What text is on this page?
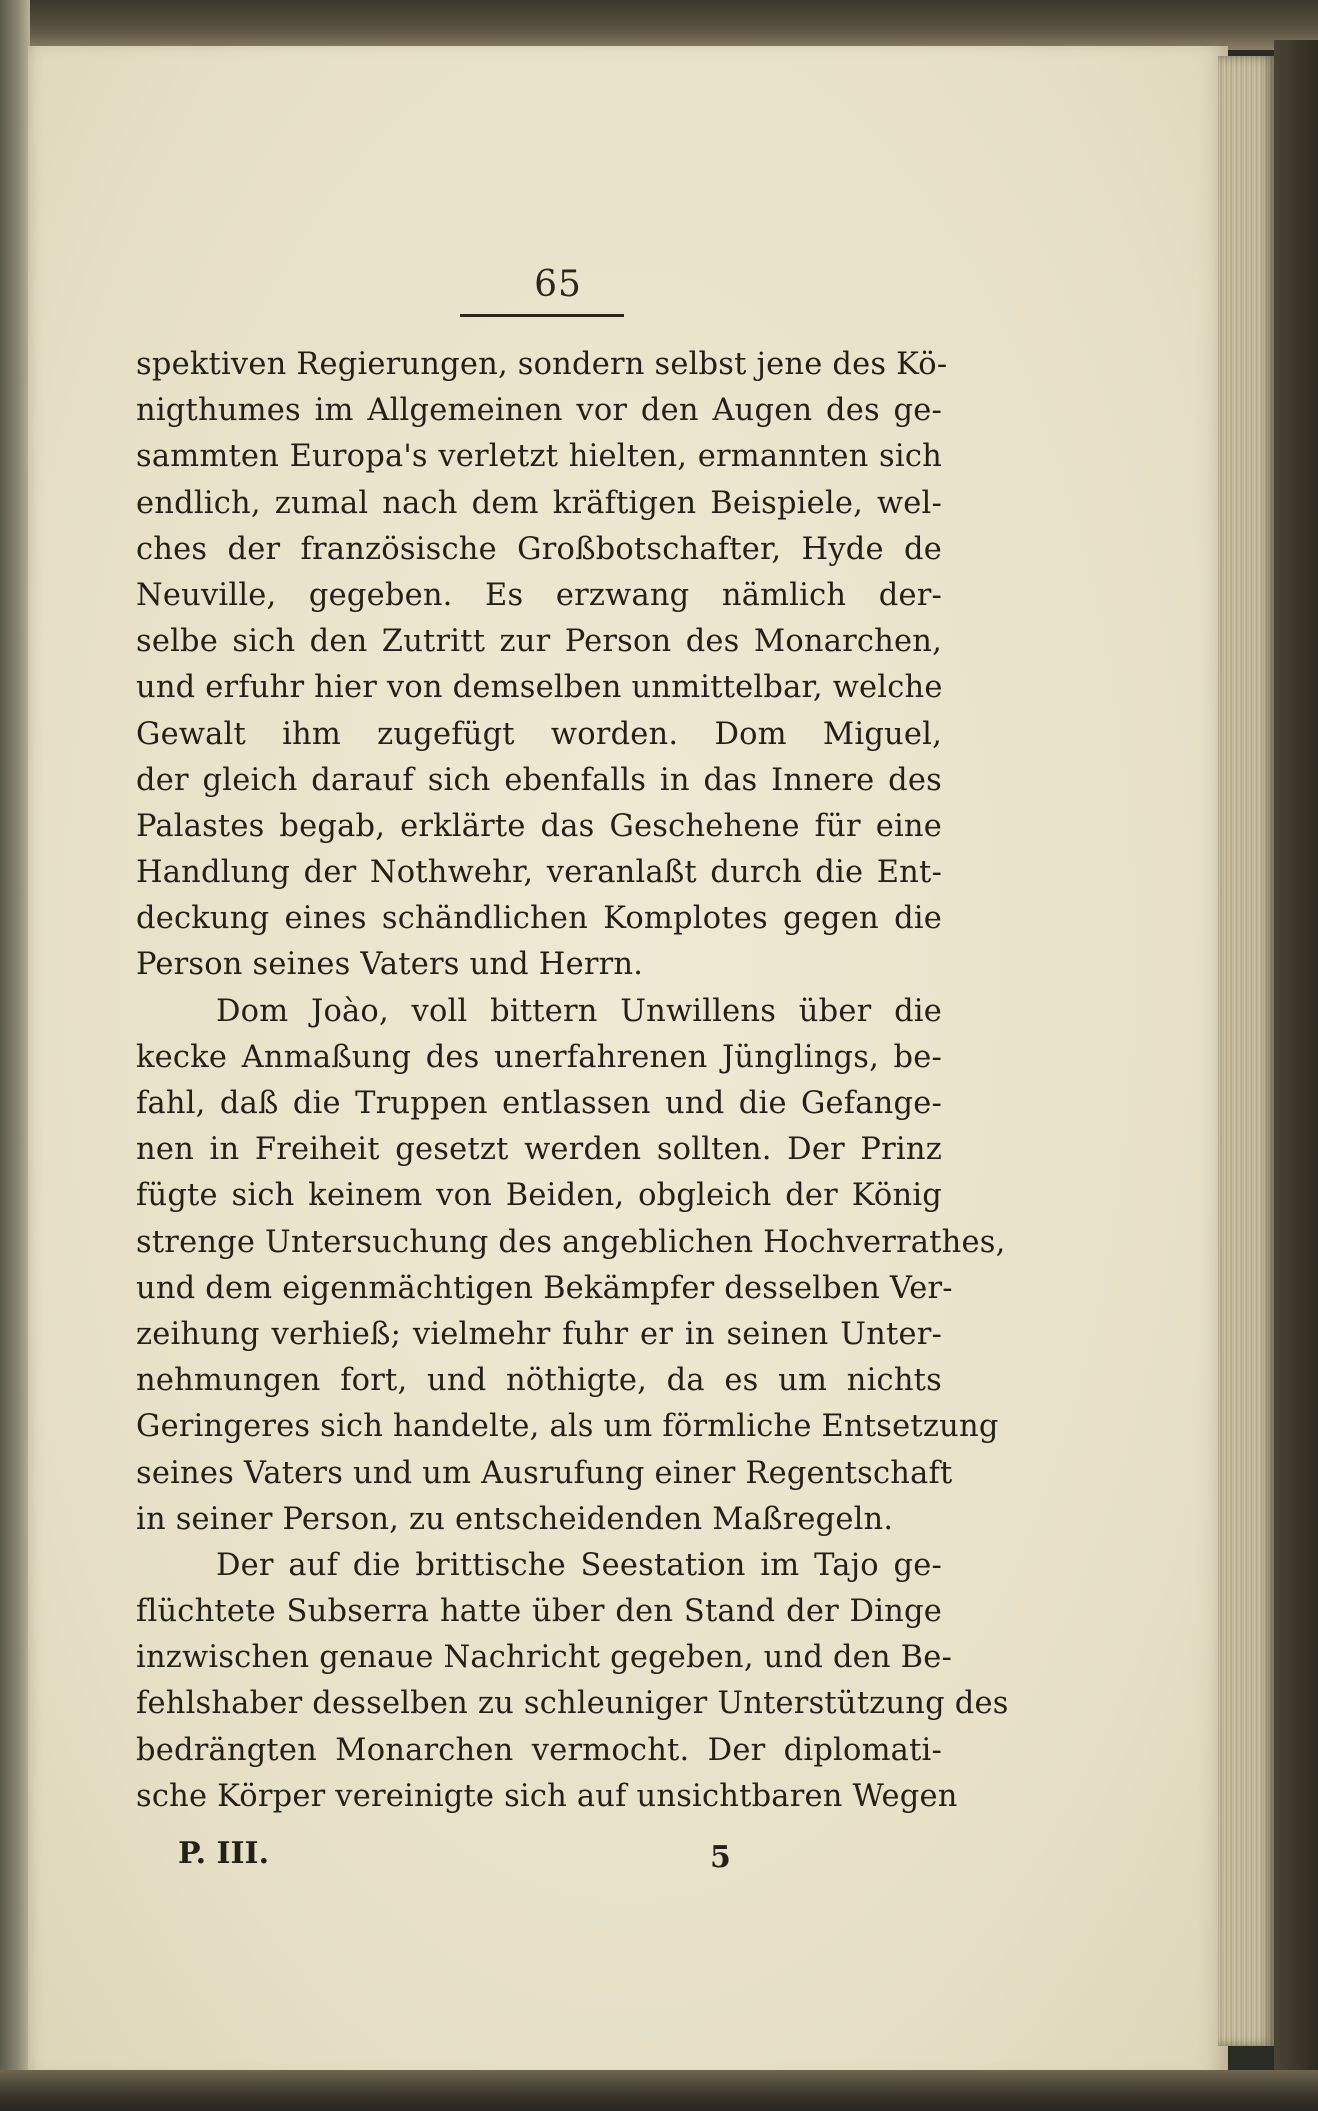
65
spektiven Regierungen, sondern selbst jene des Kö-
nigthumes im Allgemeinen vor den Augen des ge-
sammten Europa's verletzt hielten, ermannten sich
endlich, zumal nach dem kräftigen Beispiele, wel-
ches der französische Großbotschafter, Hyde de
Neuville, gegeben. Es erzwang nämlich der-
selbe sich den Zutritt zur Person des Monarchen,
und erfuhr hier von demselben unmittelbar, welche
Gewalt ihm zugefügt worden. Dom Miguel,
der gleich darauf sich ebenfalls in das Innere des
Palastes begab, erklärte das Geschehene für eine
Handlung der Nothwehr, veranlaßt durch die Ent-
deckung eines schändlichen Komplotes gegen die
Person seines Vaters und Herrn.
Dom Joào, voll bittern Unwillens über die
kecke Anmaßung des unerfahrenen Jünglings, be-
fahl, daß die Truppen entlassen und die Gefange-
nen in Freiheit gesetzt werden sollten. Der Prinz
fügte sich keinem von Beiden, obgleich der König
strenge Untersuchung des angeblichen Hochverrathes,
und dem eigenmächtigen Bekämpfer desselben Ver-
zeihung verhieß; vielmehr fuhr er in seinen Unter-
nehmungen fort, und nöthigte, da es um nichts
Geringeres sich handelte, als um förmliche Entsetzung
seines Vaters und um Ausrufung einer Regentschaft
in seiner Person, zu entscheidenden Maßregeln.
Der auf die brittische Seestation im Tajo ge-
flüchtete Subserra hatte über den Stand der Dinge
inzwischen genaue Nachricht gegeben, und den Be-
fehlshaber desselben zu schleuniger Unterstützung des
bedrängten Monarchen vermocht. Der diplomati-
sche Körper vereinigte sich auf unsichtbaren Wegen
P. III.	5
